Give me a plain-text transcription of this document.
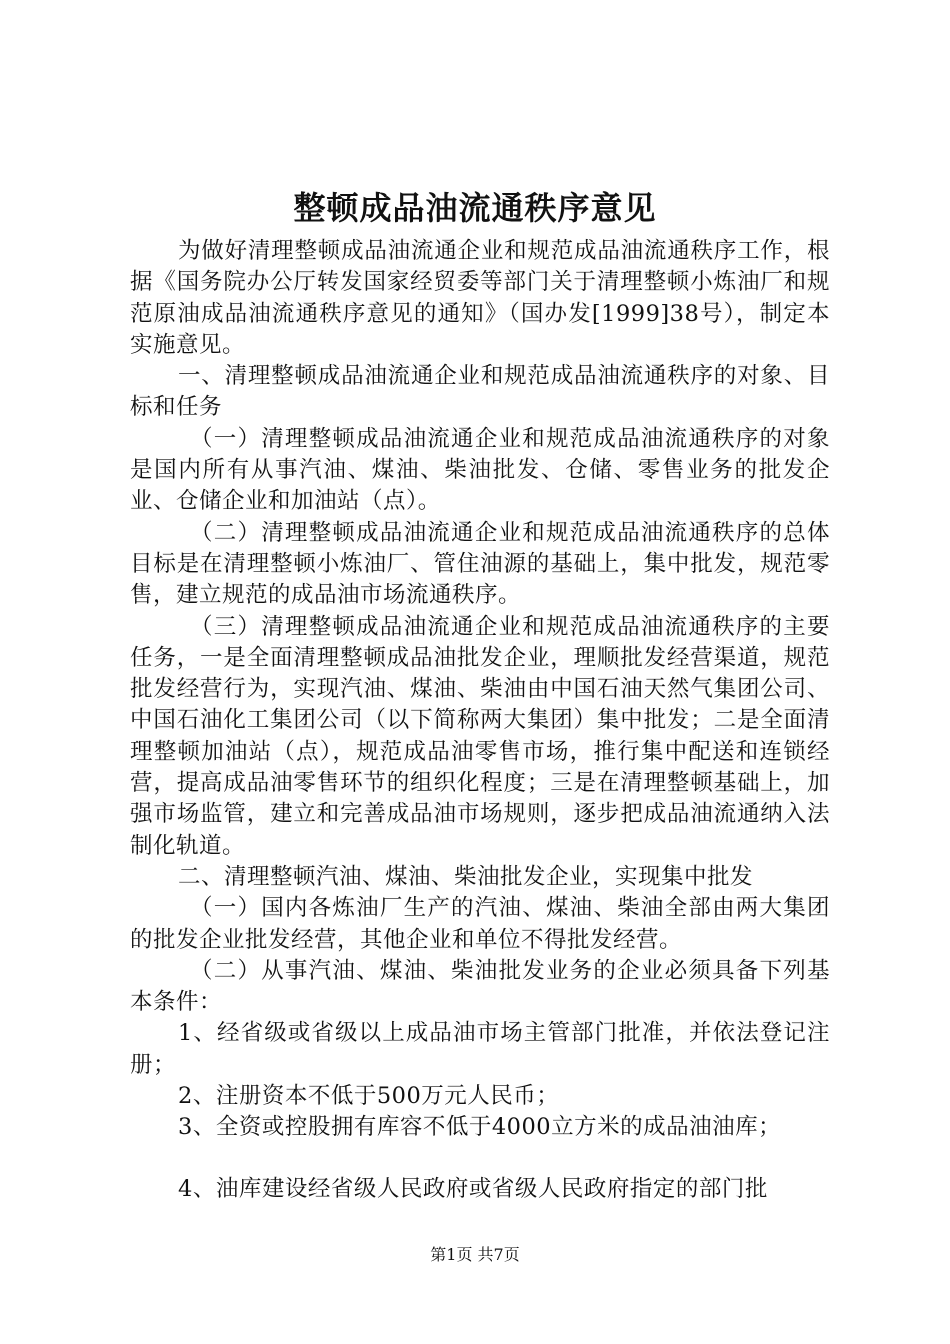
整顿成品油流通秩序意见

为做好清理整顿成品油流通企业和规范成品油流通秩序工作，根据《国务院办公厅转发国家经贸委等部门关于清理整顿小炼油厂和规范原油成品油流通秩序意见的通知》（国办发[1999]38号），制定本实施意见。

一、清理整顿成品油流通企业和规范成品油流通秩序的对象、目标和任务

（一）清理整顿成品油流通企业和规范成品油流通秩序的对象是国内所有从事汽油、煤油、柴油批发、仓储、零售业务的批发企业、仓储企业和加油站（点）。

（二）清理整顿成品油流通企业和规范成品油流通秩序的总体目标是在清理整顿小炼油厂、管住油源的基础上，集中批发，规范零售，建立规范的成品油市场流通秩序。

（三）清理整顿成品油流通企业和规范成品油流通秩序的主要任务，一是全面清理整顿成品油批发企业，理顺批发经营渠道，规范批发经营行为，实现汽油、煤油、柴油由中国石油天然气集团公司、中国石油化工集团公司（以下简称两大集团）集中批发；二是全面清理整顿加油站（点），规范成品油零售市场，推行集中配送和连锁经营，提高成品油零售环节的组织化程度；三是在清理整顿基础上，加强市场监管，建立和完善成品油市场规则，逐步把成品油流通纳入法制化轨道。

二、清理整顿汽油、煤油、柴油批发企业，实现集中批发

（一）国内各炼油厂生产的汽油、煤油、柴油全部由两大集团的批发企业批发经营，其他企业和单位不得批发经营。

（二）从事汽油、煤油、柴油批发业务的企业必须具备下列基本条件：

1、经省级或省级以上成品油市场主管部门批准，并依法登记注册；

2、注册资本不低于500万元人民币；

3、全资或控股拥有库容不低于4000立方米的成品油油库；

4、油库建设经省级人民政府或省级人民政府指定的部门批

第1页 共7页
